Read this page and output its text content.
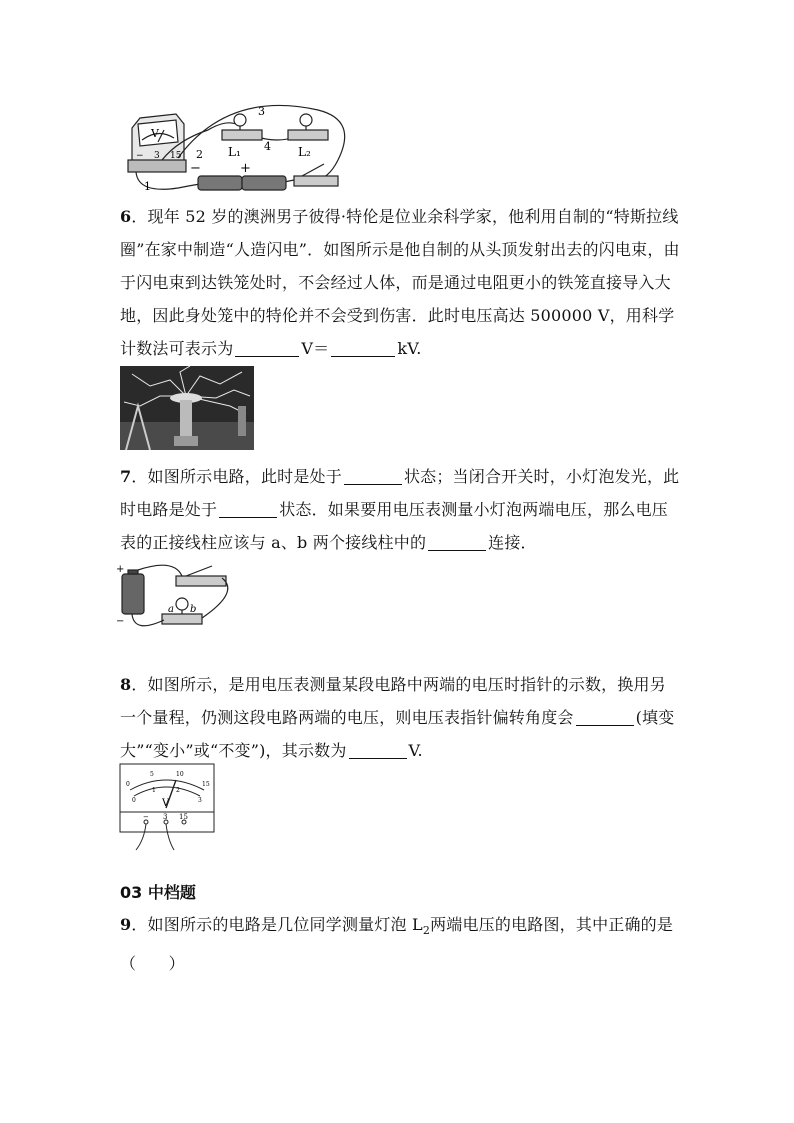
V
− 3 15
1
2
3
4
L₁	L₂
−	+
6．现年 52 岁的澳洲男子彼得·特伦是位业余科学家，他利用自制的“特斯拉线圈”在家中制造“人造闪电”．如图所示是他自制的从头顶发射出去的闪电束，由于闪电束到达铁笼处时，不会经过人体，而是通过电阻更小的铁笼直接导入大地，因此身处笼中的特伦并不会受到伤害．此时电压高达 500000 V，用科学计数法可表示为	V＝	kV.
7．如图所示电路，此时是处于	状态；当闭合开关时，小灯泡发光，此时电路是处于	状态．如果要用电压表测量小灯泡两端电压，那么电压表的正接线柱应该与 a、b 两个接线柱中的	连接．
+
−
a b
8．如图所示，是用电压表测量某段电路中两端的电压时指针的示数，换用另一个量程，仍测这段电路两端的电压，则电压表指针偏转角度会	(填变大”“变小”或“不变”)，其示数为	V.
0
5	10
15
0
1	2
3
V
− 3 15
03 中档题
9．如图所示的电路是几位同学测量灯泡 $L_2$两端电压的电路图，其中正确的是
（　　）
